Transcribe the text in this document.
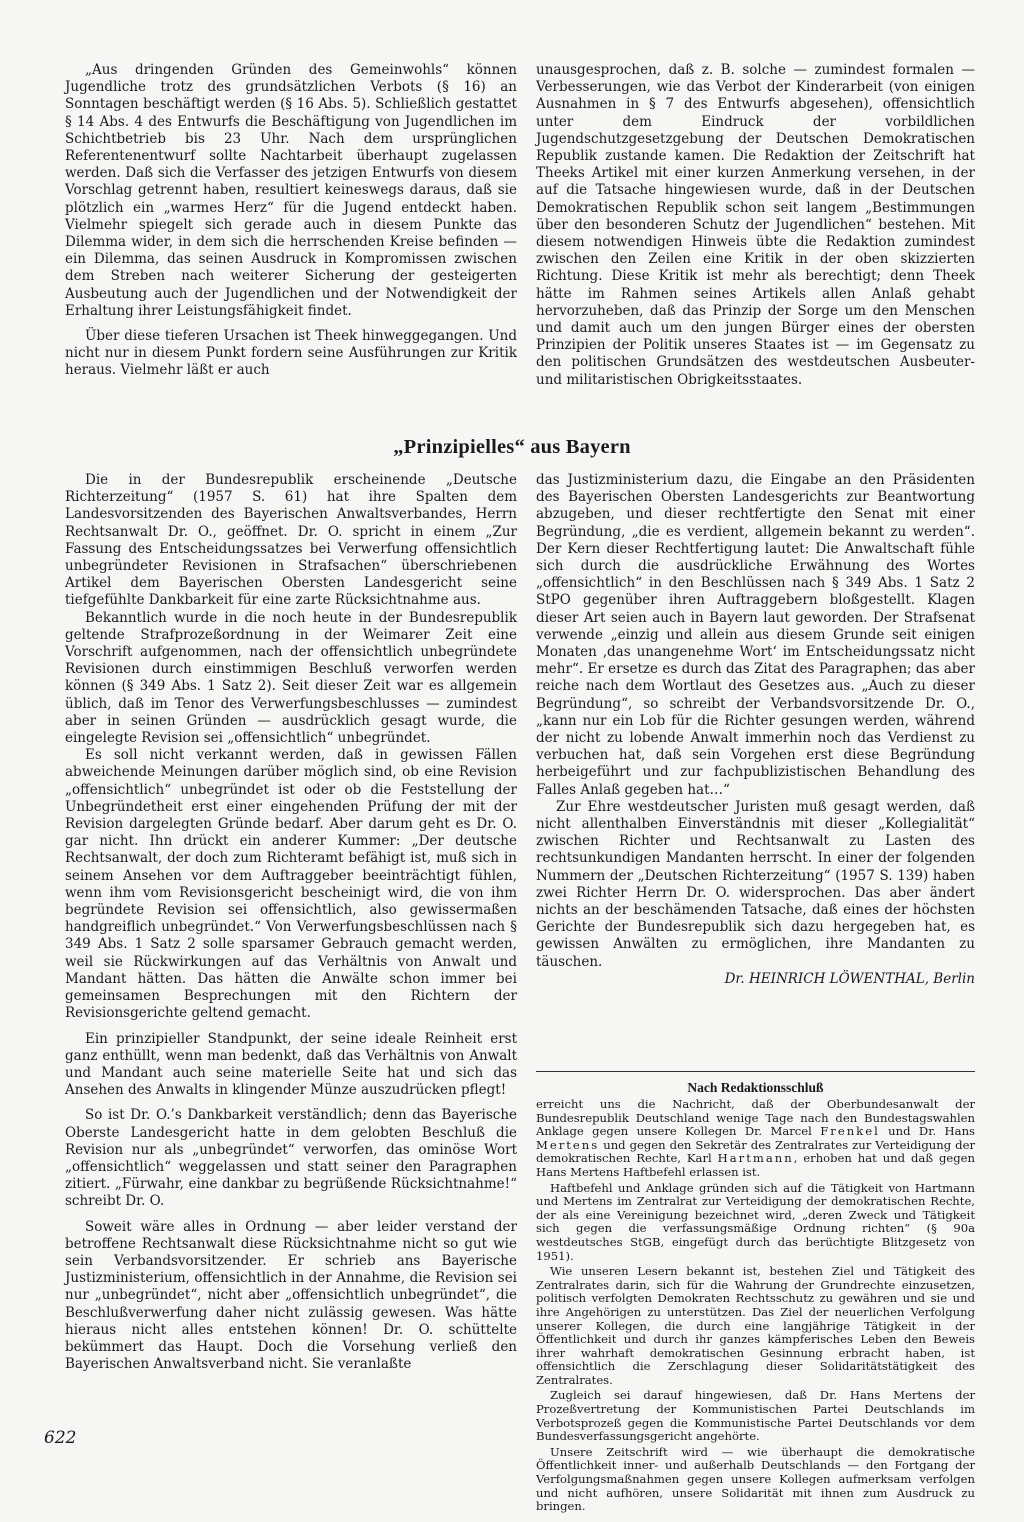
„Aus dringenden Gründen des Gemeinwohls“ können Jugendliche trotz des grundsätzlichen Verbots (§ 16) an Sonntagen beschäftigt werden (§ 16 Abs. 5). Schließlich gestattet § 14 Abs. 4 des Entwurfs die Beschäftigung von Jugendlichen im Schichtbetrieb bis 23 Uhr. Nach dem ursprünglichen Referentenentwurf sollte Nachtarbeit überhaupt zugelassen werden. Daß sich die Verfasser des jetzigen Entwurfs von diesem Vorschlag getrennt haben, resultiert keineswegs daraus, daß sie plötzlich ein „warmes Herz“ für die Jugend entdeckt haben. Vielmehr spiegelt sich gerade auch in diesem Punkte das Dilemma wider, in dem sich die herrschenden Kreise befinden — ein Dilemma, das seinen Ausdruck in Kompromissen zwischen dem Streben nach weiterer Sicherung der gesteigerten Ausbeutung auch der Jugendlichen und der Notwendigkeit der Erhaltung ihrer Leistungsfähigkeit findet.

Über diese tieferen Ursachen ist Theek hinweggegangen. Und nicht nur in diesem Punkt fordern seine Ausführungen zur Kritik heraus. Vielmehr läßt er auch

unausgesprochen, daß z. B. solche — zumindest formalen — Verbesserungen, wie das Verbot der Kinderarbeit (von einigen Ausnahmen in § 7 des Entwurfs abgesehen), offensichtlich unter dem Eindruck der vorbildlichen Jugendschutzgesetzgebung der Deutschen Demokratischen Republik zustande kamen. Die Redaktion der Zeitschrift hat Theeks Artikel mit einer kurzen Anmerkung versehen, in der auf die Tatsache hingewiesen wurde, daß in der Deutschen Demokratischen Republik schon seit langem „Bestimmungen über den besonderen Schutz der Jugendlichen“ bestehen. Mit diesem notwendigen Hinweis übte die Redaktion zumindest zwischen den Zeilen eine Kritik in der oben skizzierten Richtung. Diese Kritik ist mehr als berechtigt; denn Theek hätte im Rahmen seines Artikels allen Anlaß gehabt hervorzuheben, daß das Prinzip der Sorge um den Menschen und damit auch um den jungen Bürger eines der obersten Prinzipien der Politik unseres Staates ist — im Gegensatz zu den politischen Grundsätzen des westdeutschen Ausbeuter- und militaristischen Obrigkeitsstaates.

„Prinzipielles“ aus Bayern

Die in der Bundesrepublik erscheinende „Deutsche Richterzeitung“ (1957 S. 61) hat ihre Spalten dem Landesvorsitzenden des Bayerischen Anwaltsverbandes, Herrn Rechtsanwalt Dr. O., geöffnet. Dr. O. spricht in einem „Zur Fassung des Entscheidungssatzes bei Verwerfung offensichtlich unbegründeter Revisionen in Strafsachen“ überschriebenen Artikel dem Bayerischen Obersten Landesgericht seine tiefgefühlte Dankbarkeit für eine zarte Rücksichtnahme aus.

Bekanntlich wurde in die noch heute in der Bundesrepublik geltende Strafprozeßordnung in der Weimarer Zeit eine Vorschrift aufgenommen, nach der offensichtlich unbegründete Revisionen durch einstimmigen Beschluß verworfen werden können (§ 349 Abs. 1 Satz 2). Seit dieser Zeit war es allgemein üblich, daß im Tenor des Verwerfungsbeschlusses — zumindest aber in seinen Gründen — ausdrücklich gesagt wurde, die eingelegte Revision sei „offensichtlich“ unbegründet.

Es soll nicht verkannt werden, daß in gewissen Fällen abweichende Meinungen darüber möglich sind, ob eine Revision „offensichtlich“ unbegründet ist oder ob die Feststellung der Unbegründetheit erst einer eingehenden Prüfung der mit der Revision dargelegten Gründe bedarf. Aber darum geht es Dr. O. gar nicht. Ihn drückt ein anderer Kummer: „Der deutsche Rechtsanwalt, der doch zum Richteramt befähigt ist, muß sich in seinem Ansehen vor dem Auftraggeber beeinträchtigt fühlen, wenn ihm vom Revisionsgericht bescheinigt wird, die von ihm begründete Revision sei offensichtlich, also gewissermaßen handgreiflich unbegründet.“ Von Verwerfungsbeschlüssen nach § 349 Abs. 1 Satz 2 solle sparsamer Gebrauch gemacht werden, weil sie Rückwirkungen auf das Verhältnis von Anwalt und Mandant hätten. Das hätten die Anwälte schon immer bei gemeinsamen Besprechungen mit den Richtern der Revisionsgerichte geltend gemacht.

Ein prinzipieller Standpunkt, der seine ideale Reinheit erst ganz enthüllt, wenn man bedenkt, daß das Verhältnis von Anwalt und Mandant auch seine materielle Seite hat und sich das Ansehen des Anwalts in klingender Münze auszudrücken pflegt!

So ist Dr. O.’s Dankbarkeit verständlich; denn das Bayerische Oberste Landesgericht hatte in dem gelobten Beschluß die Revision nur als „unbegründet“ verworfen, das ominöse Wort „offensichtlich“ weggelassen und statt seiner den Paragraphen zitiert. „Fürwahr, eine dankbar zu begrüßende Rücksichtnahme!“ schreibt Dr. O.

Soweit wäre alles in Ordnung — aber leider verstand der betroffene Rechtsanwalt diese Rücksichtnahme nicht so gut wie sein Verbandsvorsitzender. Er schrieb ans Bayerische Justizministerium, offensichtlich in der Annahme, die Revision sei nur „unbegründet“, nicht aber „offensichtlich unbegründet“, die Beschlußverwerfung daher nicht zulässig gewesen. Was hätte hieraus nicht alles entstehen können! Dr. O. schüttelte bekümmert das Haupt. Doch die Vorsehung verließ den Bayerischen Anwaltsverband nicht. Sie veranlaßte

das Justizministerium dazu, die Eingabe an den Präsidenten des Bayerischen Obersten Landesgerichts zur Beantwortung abzugeben, und dieser rechtfertigte den Senat mit einer Begründung, „die es verdient, allgemein bekannt zu werden“. Der Kern dieser Rechtfertigung lautet: Die Anwaltschaft fühle sich durch die ausdrückliche Erwähnung des Wortes „offensichtlich“ in den Beschlüssen nach § 349 Abs. 1 Satz 2 StPO gegenüber ihren Auftraggebern bloßgestellt. Klagen dieser Art seien auch in Bayern laut geworden. Der Strafsenat verwende „einzig und allein aus diesem Grunde seit einigen Monaten ‚das unangenehme Wort‘ im Entscheidungssatz nicht mehr“. Er ersetze es durch das Zitat des Paragraphen; das aber reiche nach dem Wortlaut des Gesetzes aus. „Auch zu dieser Begründung“, so schreibt der Verbandsvorsitzende Dr. O., „kann nur ein Lob für die Richter gesungen werden, während der nicht zu lobende Anwalt immerhin noch das Verdienst zu verbuchen hat, daß sein Vorgehen erst diese Begründung herbeigeführt und zur fachpublizistischen Behandlung des Falles Anlaß gegeben hat…“

Zur Ehre westdeutscher Juristen muß gesagt werden, daß nicht allenthalben Einverständnis mit dieser „Kollegialität“ zwischen Richter und Rechtsanwalt zu Lasten des rechtsunkundigen Mandanten herrscht. In einer der folgenden Nummern der „Deutschen Richterzeitung“ (1957 S. 139) haben zwei Richter Herrn Dr. O. widersprochen. Das aber ändert nichts an der beschämenden Tatsache, daß eines der höchsten Gerichte der Bundesrepublik sich dazu hergegeben hat, es gewissen Anwälten zu ermöglichen, ihre Mandanten zu täuschen.

Dr. HEINRICH LÖWENTHAL, Berlin
Nach Redaktionsschluß

erreicht uns die Nachricht, daß der Oberbundesanwalt der Bundesrepublik Deutschland wenige Tage nach den Bundestagswahlen Anklage gegen unsere Kollegen Dr. Marcel Frenkel und Dr. Hans Mertens und gegen den Sekretär des Zentralrates zur Verteidigung der demokratischen Rechte, Karl Hartmann, erhoben hat und daß gegen Hans Mertens Haftbefehl erlassen ist.

Haftbefehl und Anklage gründen sich auf die Tätigkeit von Hartmann und Mertens im Zentralrat zur Verteidigung der demokratischen Rechte, der als eine Vereinigung bezeichnet wird, „deren Zweck und Tätigkeit sich gegen die verfassungsmäßige Ordnung richten“ (§ 90a westdeutsches StGB, eingefügt durch das berüchtigte Blitzgesetz von 1951).

Wie unseren Lesern bekannt ist, bestehen Ziel und Tätigkeit des Zentralrates darin, sich für die Wahrung der Grundrechte einzusetzen, politisch verfolgten Demokraten Rechtsschutz zu gewähren und sie und ihre Angehörigen zu unterstützen. Das Ziel der neuerlichen Verfolgung unserer Kollegen, die durch eine langjährige Tätigkeit in der Öffentlichkeit und durch ihr ganzes kämpferisches Leben den Beweis ihrer wahrhaft demokratischen Gesinnung erbracht haben, ist offensichtlich die Zerschlagung dieser Solidaritätstätigkeit des Zentralrates.

Zugleich sei darauf hingewiesen, daß Dr. Hans Mertens der Prozeßvertretung der Kommunistischen Partei Deutschlands im Verbotsprozeß gegen die Kommunistische Partei Deutschlands vor dem Bundesverfassungsgericht angehörte.

Unsere Zeitschrift wird — wie überhaupt die demokratische Öffentlichkeit inner- und außerhalb Deutschlands — den Fortgang der Verfolgungsmaßnahmen gegen unsere Kollegen aufmerksam verfolgen und nicht aufhören, unsere Solidarität mit ihnen zum Ausdruck zu bringen.

622
